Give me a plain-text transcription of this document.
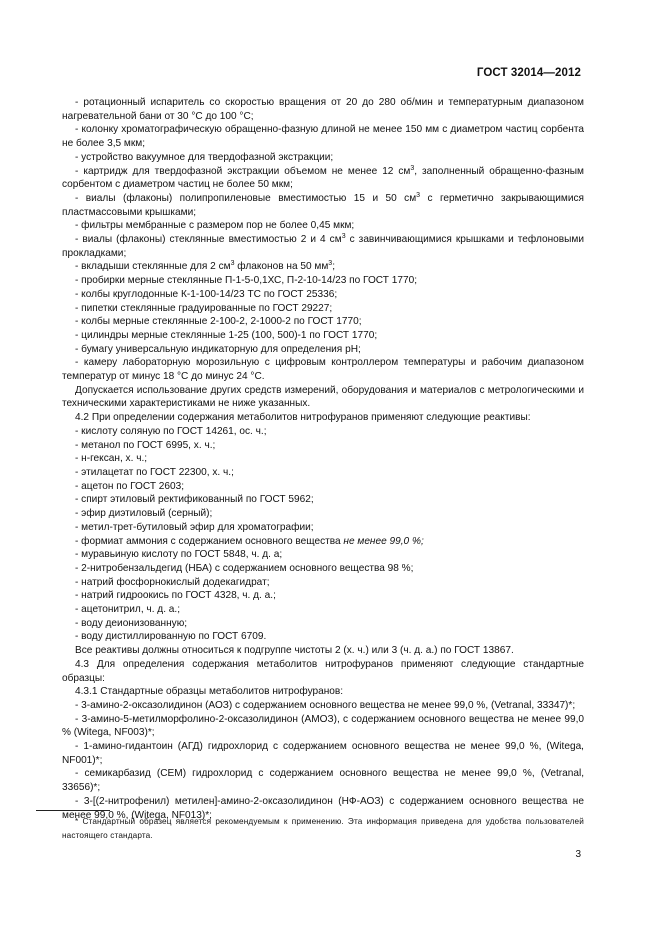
ГОСТ 32014—2012

- ротационный испаритель со скоростью вращения от 20 до 280 об/мин и температурным диапазоном нагревательной бани от 30 °С до 100 °С;

- колонку хроматографическую обращенно-фазную длиной не менее 150 мм с диаметром частиц сорбента не более 3,5 мкм;

- устройство вакуумное для твердофазной экстракции;

- картридж для твердофазной экстракции объемом не менее 12 $см^3$, заполненный обращенно-фазным сорбентом с диаметром частиц не более 50 мкм;

- виалы (флаконы) полипропиленовые вместимостью 15 и 50 $см^3$ с герметично закрывающимися пластмассовыми крышками;

- фильтры мембранные с размером пор не более 0,45 мкм;

- виалы (флаконы) стеклянные вместимостью 2 и 4 $см^3$ с завинчивающимися крышками и тефлоновыми прокладками;

- вкладыши стеклянные для 2 $см^3$ флаконов на 50 $мм^3$;

- пробирки мерные стеклянные П-1-5-0,1ХС, П-2-10-14/23 по ГОСТ 1770;

- колбы круглодонные К-1-100-14/23 ТС по ГОСТ 25336;

- пипетки стеклянные градуированные по ГОСТ 29227;

- колбы мерные стеклянные 2-100-2, 2-1000-2 по ГОСТ 1770;

- цилиндры мерные стеклянные 1-25 (100, 500)-1 по ГОСТ 1770;

- бумагу универсальную индикаторную для определения рН;

- камеру лабораторную морозильную с цифровым контроллером температуры и рабочим диапазоном температур от минус 18 °С до минус 24 °С.

Допускается использование других средств измерений, оборудования и материалов с метрологическими и техническими характеристиками не ниже указанных.

4.2 При определении содержания метаболитов нитрофуранов применяют следующие реактивы:

- кислоту соляную по ГОСТ 14261, ос. ч.;

- метанол по ГОСТ 6995, х. ч.;

- н-гексан, х. ч.;

- этилацетат по ГОСТ 22300, х. ч.;

- ацетон по ГОСТ 2603;

- спирт этиловый ректификованный по ГОСТ 5962;

- эфир диэтиловый (серный);

- метил-трет-бутиловый эфир для хроматографии;

- формиат аммония с содержанием основного вещества не менее 99,0 %;

- муравьиную кислоту по ГОСТ 5848, ч. д. а;

- 2-нитробензальдегид (НБА) с содержанием основного вещества 98 %;

- натрий фосфорнокислый додекагидрат;

- натрий гидроокись по ГОСТ 4328, ч. д. а.;

- ацетонитрил, ч. д. а.;

- воду деионизованную;

- воду дистиллированную по ГОСТ 6709.

Все реактивы должны относиться к подгруппе чистоты 2 (х. ч.) или 3 (ч. д. а.) по ГОСТ 13867.

4.3 Для определения содержания метаболитов нитрофуранов применяют следующие стандартные образцы:

4.3.1 Стандартные образцы метаболитов нитрофуранов:

- 3-амино-2-оксазолидинон (АОЗ) с содержанием основного вещества не менее 99,0 %, (Vetranal, 33347)*;

- 3-амино-5-метилморфолино-2-оксазолидинон (АМОЗ), с содержанием основного вещества не менее 99,0 % (Witega, NF003)*;

- 1-амино-гидантоин (АГД) гидрохлорид с содержанием основного вещества не менее 99,0 %, (Witega, NF001)*;

- семикарбазид (СЕМ) гидрохлорид с содержанием основного вещества не менее 99,0 %, (Vetranal, 33656)*;

- 3-[(2-нитрофенил) метилен]-амино-2-оксазолидинон (НФ-АОЗ) с содержанием основного вещества не менее 99,0 %, (Witega, NF013)*;

* Стандартный образец является рекомендуемым к применению. Эта информация приведена для удобства пользователей настоящего стандарта.
3
